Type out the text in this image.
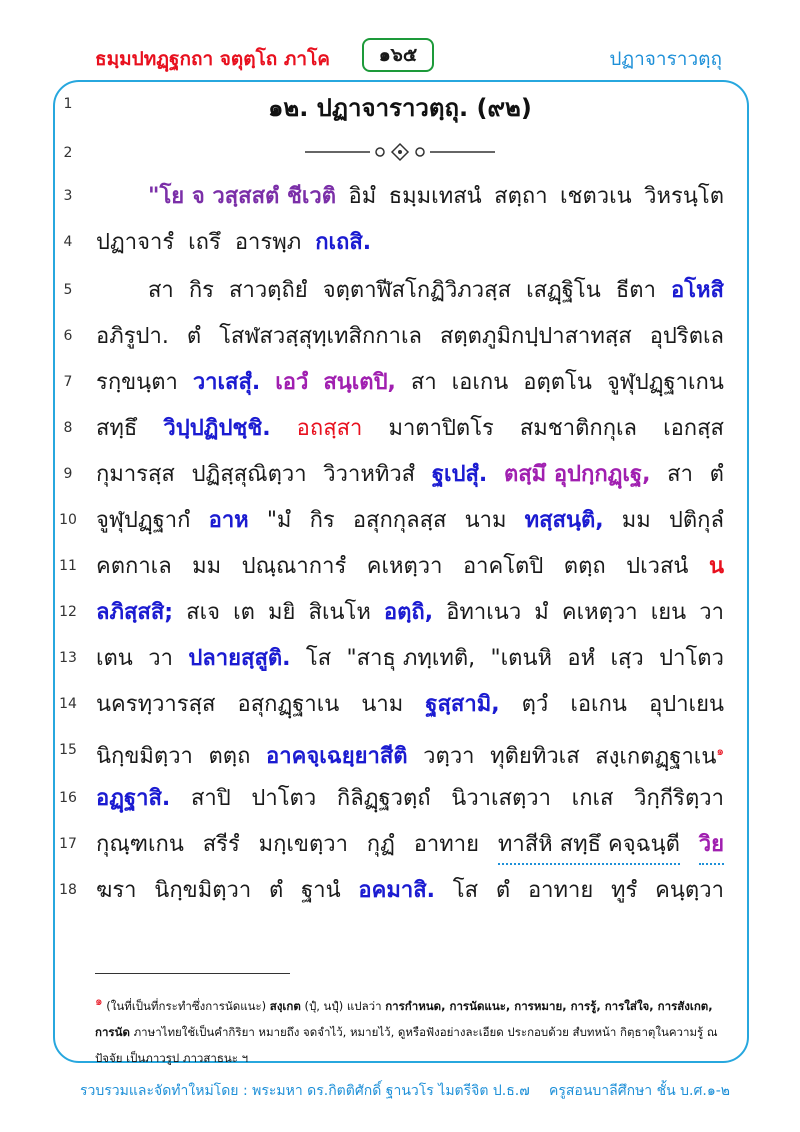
ธมฺมปทฏฺฐกถา จตุตฺโถ ภาโค	๑๖๕	ปฏาจาราวตฺถุ
1
2
3
4
5
6
7
8
9
10
11
12
13
14
15
16
17
18
๑๒. ปฏาจาราวตฺถุ. (๙๒)
"โย จ วสฺสสตํ ชีเวติ อิมํ ธมฺมเทสนํ สตฺถา เชตวเน วิหรนฺโต
ปฏาจารํ เถรึ อารพฺภ กเถสิ.
สา กิร สาวตฺถิยํ จตฺตาฬีสโกฏิวิภวสฺส เสฏฺฐิโน ธีตา อโหสิ
อภิรูปา. ตํ โสฬสวสฺสุทฺเทสิกกาเล สตฺตภูมิกปฺปาสาทสฺส อุปริตเล
รกฺขนฺตา วาเสสุํ. เอวํ สนฺเตปิ, สา เอเกน อตฺตโน จูฬุปฏฺฐาเกน
สทฺธึ วิปฺปฏิปชฺชิ. อถสฺสา มาตาปิตโร สมชาติกกุเล เอกสฺส
กุมารสฺส ปฏิสฺสุณิตฺวา วิวาหทิวสํ ฐเปสุํ. ตสฺมึ อุปกฺกฏฺเฐ, สา ตํ
จูฬุปฏฺฐากํ อาห "มํ กิร อสุกกุลสฺส นาม ทสฺสนฺติ, มม ปติกุลํ
คตกาเล มม ปณฺณาการํ คเหตฺวา อาคโตปิ ตตฺถ ปเวสนํ น
ลภิสฺสสิ; สเจ เต มยิ สิเนโห อตฺถิ, อิทาเนว มํ คเหตฺวา เยน วา
เตน วา ปลายสฺสูติ. โส "สาธุ ภทฺเทติ, "เตนหิ อหํ เสฺว ปาโตว
นครทฺวารสฺส อสุกฏฺฐาเน นาม ฐสฺสามิ, ตฺวํ เอเกน อุปาเยน
นิกฺขมิตฺวา ตตฺถ อาคจฺเฉยฺยาสีติ วตฺวา ทุติยทิวเส สงฺเกตฏฺฐาเน$^๑$
อฏฺฐาสิ. สาปิ ปาโตว กิลิฏฺฐวตฺถํ นิวาเสตฺวา เกเส วิกฺกีริตฺวา
กุณฺฑเกน สรีรํ มกฺเขตฺวา กุฏํ อาทาย ทาสีหิ สทฺธึ คจฺฉนฺตี วิย
ฆรา นิกฺขมิตฺวา ตํ ฐานํ อคมาสิ. โส ตํ อาทาย ทูรํ คนฺตฺวา
$^๑$ (ในที่เป็นที่กระทำซึ่งการนัดแนะ) สงฺเกต (ปุํ, นปุํ) แปลว่า การกำหนด, การนัดแนะ, การหมาย, การรู้, การใส่ใจ, การสังเกต, การนัด ภาษาไทยใช้เป็นคำกิริยา หมายถึง จดจำไว้, หมายไว้, ดูหรือฟังอย่างละเอียด ประกอบด้วย สํบทหน้า กิตฺธาตุในความรู้ ณ ปัจจัย เป็นภาวรูป ภาวสาธนะ ฯ
รวบรวมและจัดทำใหม่โดย : พระมหา ดร.กิตติศักดิ์ ฐานวโร ไมตรีจิต ป.ธ.๗ ครูสอนบาลีศึกษา ชั้น บ.ศ.๑-๒
